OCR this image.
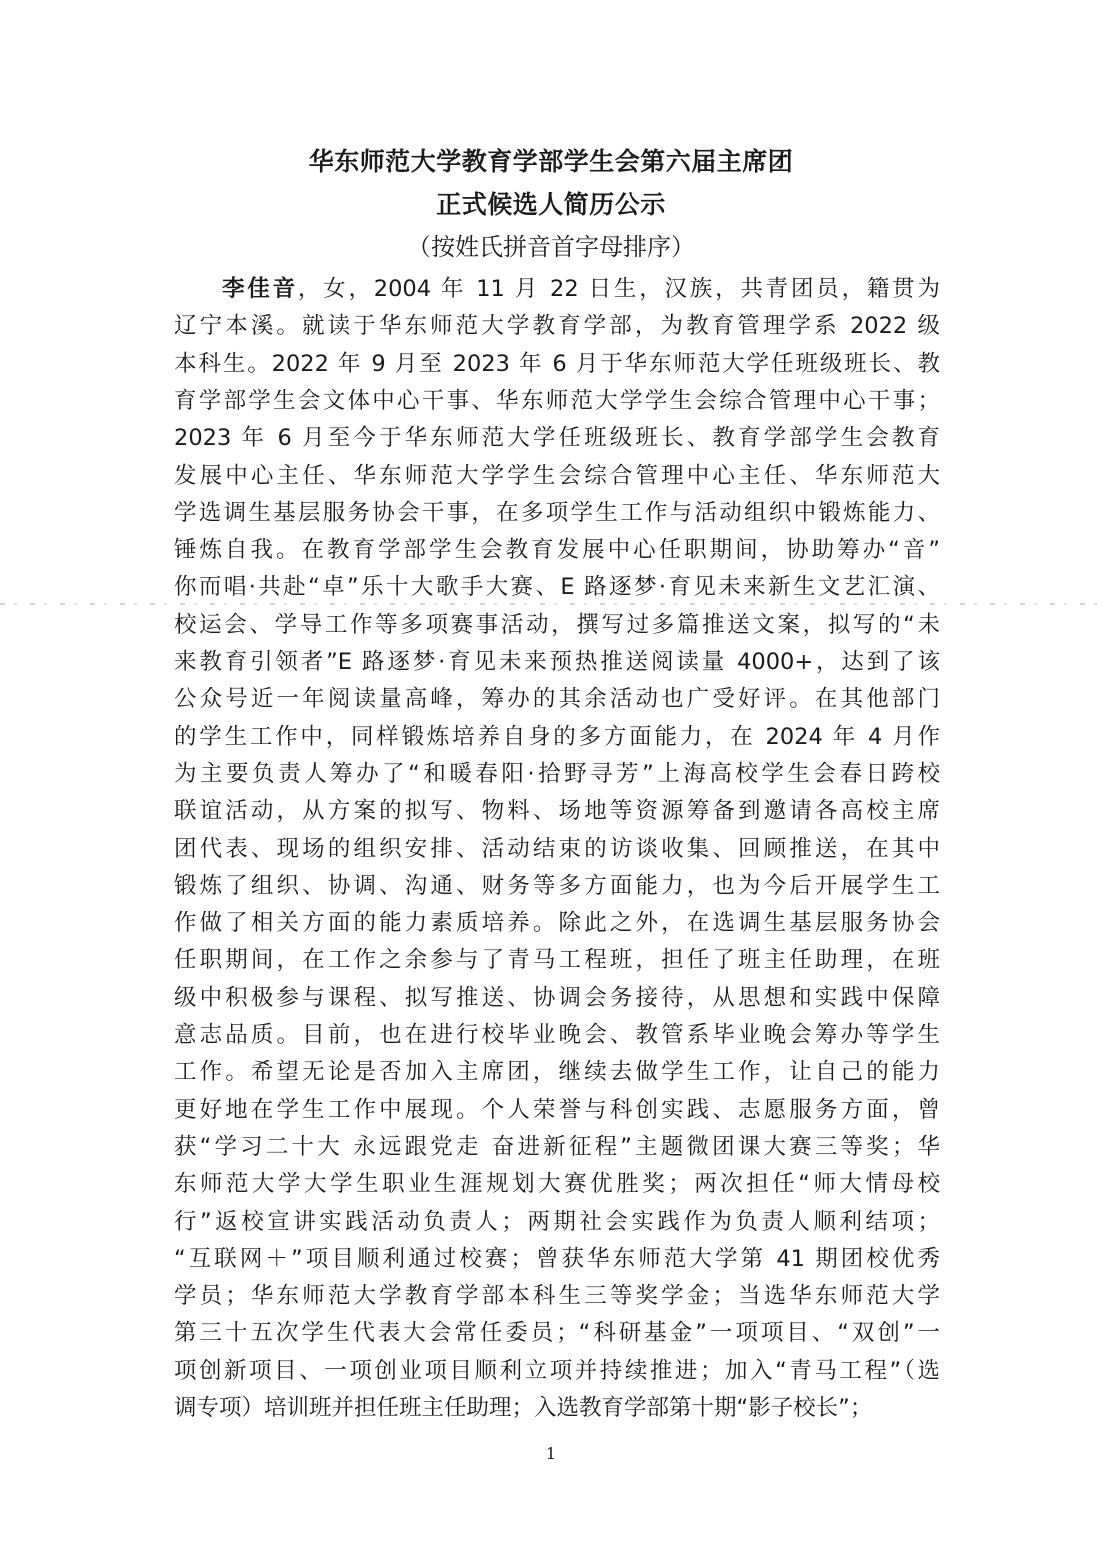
华东师范大学教育学部学生会第六届主席团
正式候选人简历公示
（按姓氏拼音首字母排序）
李佳音，女，2004 年 11 月 22 日生，汉族，共青团员，籍贯为
辽宁本溪。就读于华东师范大学教育学部，为教育管理学系 2022 级
本科生。2022 年 9 月至 2023 年 6 月于华东师范大学任班级班长、教
育学部学生会文体中心干事、华东师范大学学生会综合管理中心干事；
2023 年 6 月至今于华东师范大学任班级班长、教育学部学生会教育
发展中心主任、华东师范大学学生会综合管理中心主任、华东师范大
学选调生基层服务协会干事，在多项学生工作与活动组织中锻炼能力、
锤炼自我。在教育学部学生会教育发展中心任职期间，协助筹办“音”
你而唱·共赴“卓”乐十大歌手大赛、E 路逐梦·育见未来新生文艺汇演、
校运会、学导工作等多项赛事活动，撰写过多篇推送文案，拟写的“未
来教育引领者”E 路逐梦·育见未来预热推送阅读量 4000+，达到了该
公众号近一年阅读量高峰，筹办的其余活动也广受好评。在其他部门
的学生工作中，同样锻炼培养自身的多方面能力，在 2024 年 4 月作
为主要负责人筹办了“和暖春阳·拾野寻芳”上海高校学生会春日跨校
联谊活动，从方案的拟写、物料、场地等资源筹备到邀请各高校主席
团代表、现场的组织安排、活动结束的访谈收集、回顾推送，在其中
锻炼了组织、协调、沟通、财务等多方面能力，也为今后开展学生工
作做了相关方面的能力素质培养。除此之外，在选调生基层服务协会
任职期间，在工作之余参与了青马工程班，担任了班主任助理，在班
级中积极参与课程、拟写推送、协调会务接待，从思想和实践中保障
意志品质。目前，也在进行校毕业晚会、教管系毕业晚会筹办等学生
工作。希望无论是否加入主席团，继续去做学生工作，让自己的能力
更好地在学生工作中展现。个人荣誉与科创实践、志愿服务方面，曾
获“学习二十大 永远跟党走 奋进新征程”主题微团课大赛三等奖；华
东师范大学大学生职业生涯规划大赛优胜奖；两次担任“师大情母校
行”返校宣讲实践活动负责人；两期社会实践作为负责人顺利结项；
“互联网＋”项目顺利通过校赛；曾获华东师范大学第 41 期团校优秀
学员；华东师范大学教育学部本科生三等奖学金；当选华东师范大学
第三十五次学生代表大会常任委员；“科研基金”一项项目、“双创”一
项创新项目、一项创业项目顺利立项并持续推进；加入“青马工程”（选
调专项）培训班并担任班主任助理；入选教育学部第十期“影子校长”；
1
